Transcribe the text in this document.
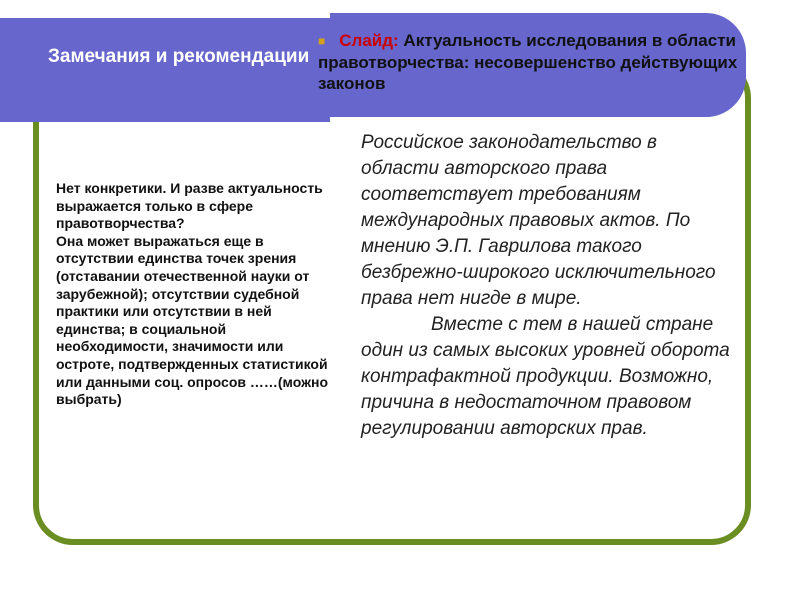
Замечания и рекомендации
■ Слайд: Актуальность исследования в области правотворчества: несовершенство действующих законов
Нет конкретики. И разве актуальность выражается только в сфере правотворчества?
Она может выражаться еще в отсутствии единства точек зрения (отставании отечественной науки от зарубежной); отсутствии судебной практики или отсутствии в ней единства; в социальной необходимости, значимости или остроте, подтвержденных статистикой или данными соц. опросов ……(можно выбрать)

Российское законодательство в области авторского права соответствует требованиям международных правовых актов. По мнению Э.П. Гаврилова такого безбрежно-широкого исключительного права нет нигде в мире.

Вместе с тем в нашей стране один из самых высоких уровней оборота контрафактной продукции. Возможно, причина в недостаточном правовом регулировании авторских прав.
